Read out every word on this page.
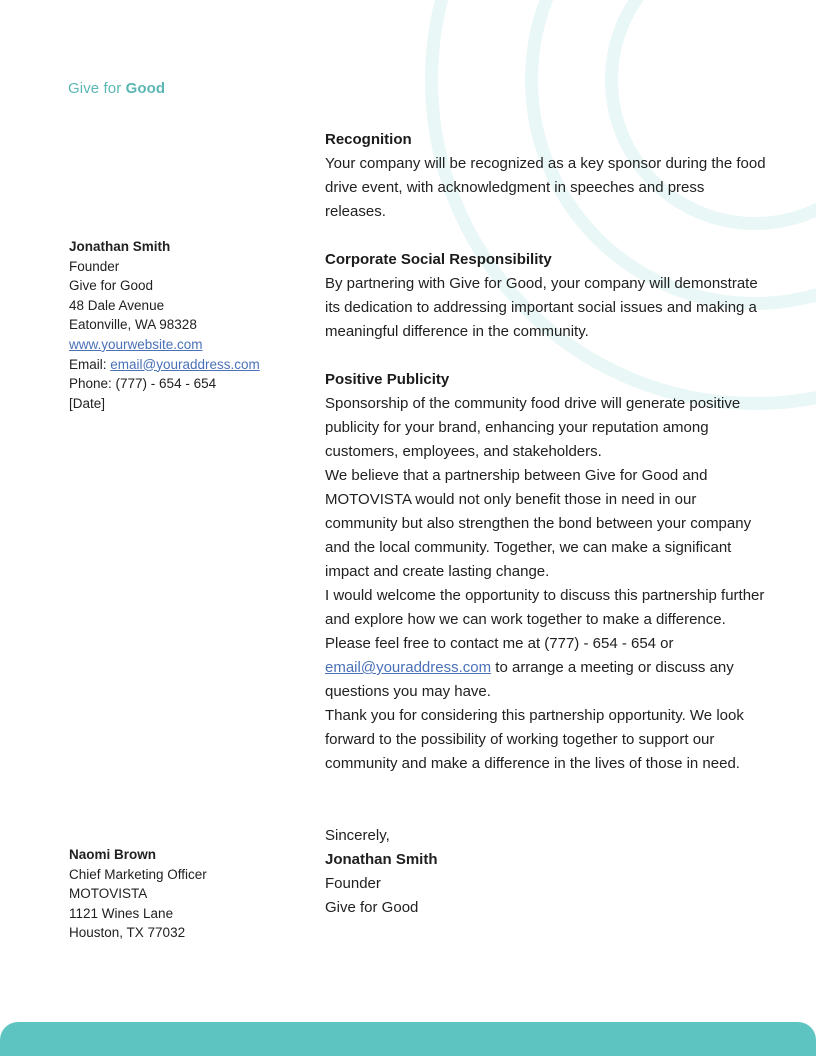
Give for Good
Jonathan Smith
Founder
Give for Good
48 Dale Avenue
Eatonville, WA 98328
www.yourwebsite.com
Email: email@youraddress.com
Phone: (777) - 654 - 654
[Date]
Recognition

Your company will be recognized as a key sponsor during the food drive event, with acknowledgment in speeches and press releases.

Corporate Social Responsibility

By partnering with Give for Good, your company will demonstrate its dedication to addressing important social issues and making a meaningful difference in the community.

Positive Publicity

Sponsorship of the community food drive will generate positive publicity for your brand, enhancing your reputation among customers, employees, and stakeholders.

We believe that a partnership between Give for Good and MOTOVISTA would not only benefit those in need in our community but also strengthen the bond between your company and the local community. Together, we can make a significant impact and create lasting change.

I would welcome the opportunity to discuss this partnership further and explore how we can work together to make a difference. Please feel free to contact me at (777) - 654 - 654 or email@youraddress.com to arrange a meeting or discuss any questions you may have.

Thank you for considering this partnership opportunity. We look forward to the possibility of working together to support our community and make a difference in the lives of those in need.

Sincerely,
Jonathan Smith
Founder
Give for Good
Naomi Brown
Chief Marketing Officer
MOTOVISTA
1121 Wines Lane
Houston, TX 77032
